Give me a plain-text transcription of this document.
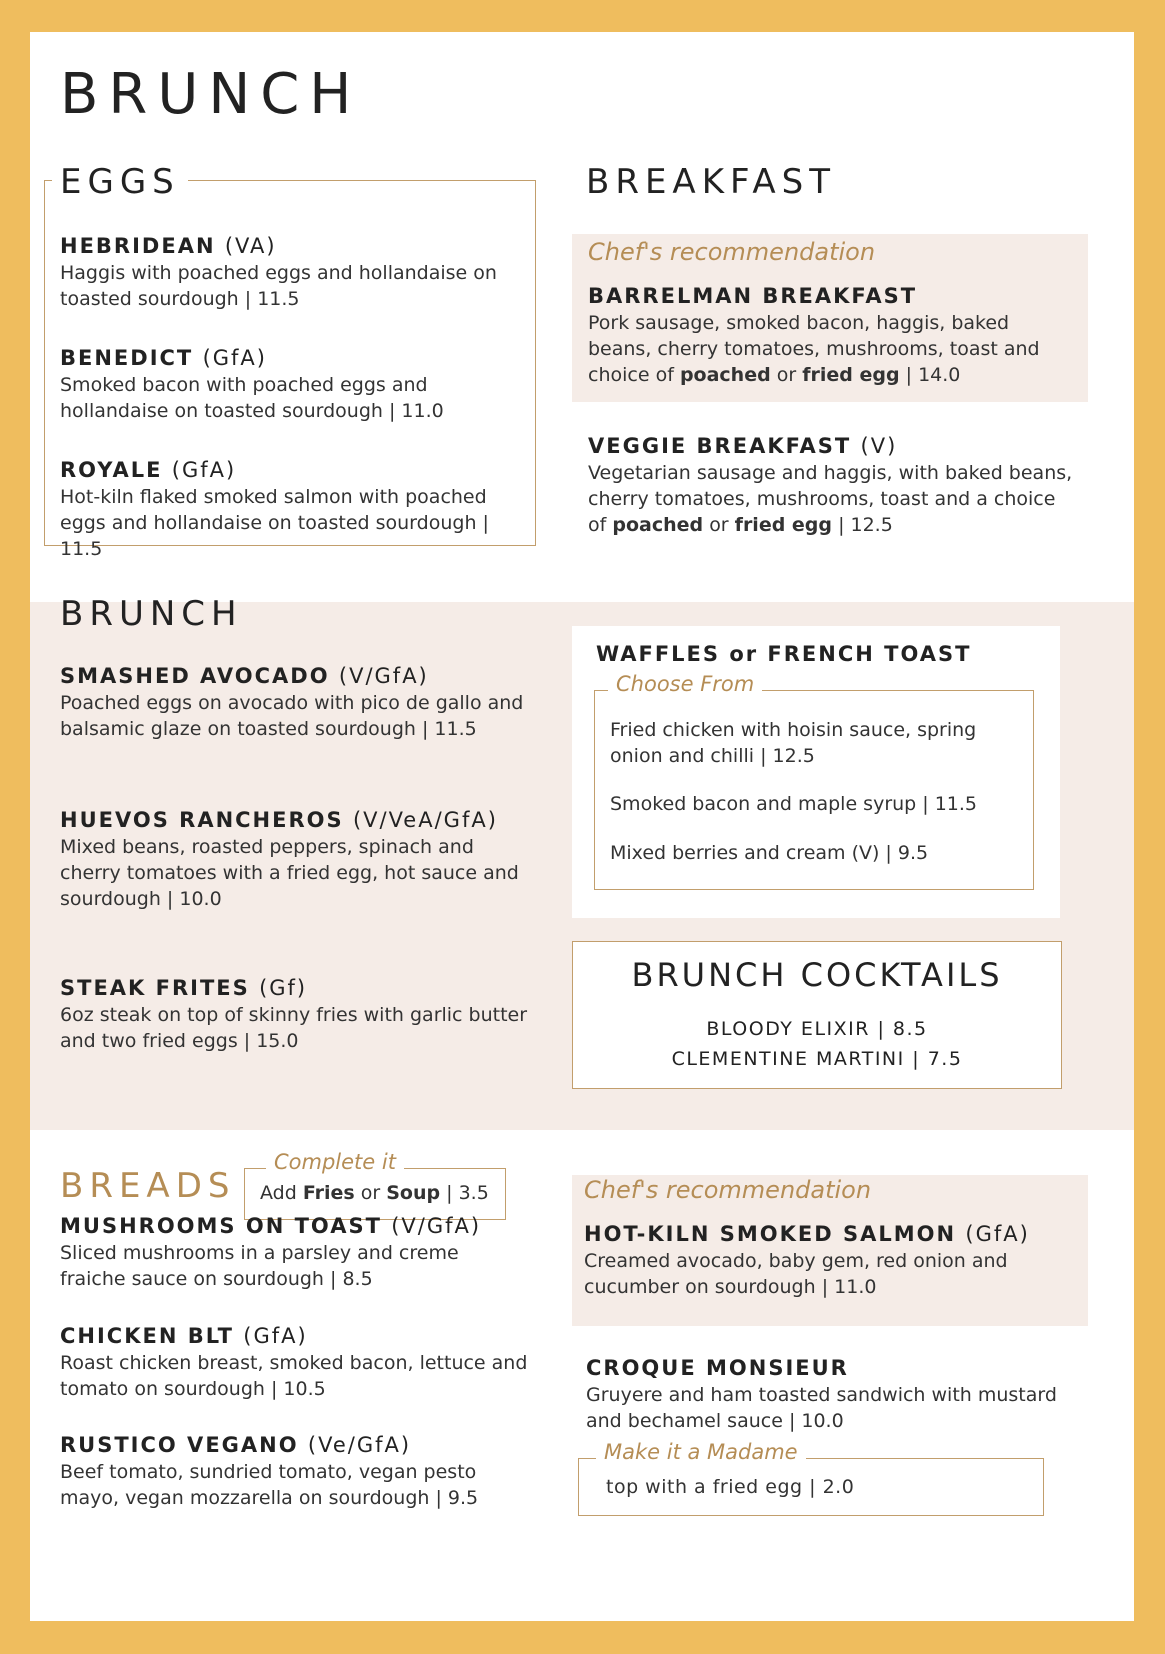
BRUNCH
EGGS
HEBRIDEAN (VA)
Haggis with poached eggs and hollandaise on toasted sourdough | 11.5
BENEDICT (GfA)
Smoked bacon with poached eggs and hollandaise on toasted sourdough | 11.0
ROYALE (GfA)
Hot-kiln flaked smoked salmon with poached eggs and hollandaise on toasted sourdough | 11.5
BREAKFAST
Chef's recommendation
BARRELMAN BREAKFAST
Pork sausage, smoked bacon, haggis, baked beans, cherry tomatoes, mushrooms, toast and choice of poached or fried egg | 14.0
VEGGIE BREAKFAST (V)
Vegetarian sausage and haggis, with baked beans, cherry tomatoes, mushrooms, toast and a choice of poached or fried egg | 12.5
BRUNCH
SMASHED AVOCADO (V/GfA)
Poached eggs on avocado with pico de gallo and balsamic glaze on toasted sourdough | 11.5
HUEVOS RANCHEROS (V/VeA/GfA)
Mixed beans, roasted peppers, spinach and cherry tomatoes with a fried egg, hot sauce and sourdough | 10.0
STEAK FRITES (Gf)
6oz steak on top of skinny fries with garlic butter and two fried eggs | 15.0
WAFFLES or FRENCH TOAST
Choose From
Fried chicken with hoisin sauce, spring onion and chilli | 12.5
Smoked bacon and maple syrup | 11.5
Mixed berries and cream (V) | 9.5
BRUNCH COCKTAILS
BLOODY ELIXIR | 8.5
CLEMENTINE MARTINI | 7.5
BREADS
Complete it
Add Fries or Soup | 3.5
MUSHROOMS ON TOAST (V/GfA)
Sliced mushrooms in a parsley and creme fraiche sauce on sourdough | 8.5
CHICKEN BLT (GfA)
Roast chicken breast, smoked bacon, lettuce and tomato on sourdough | 10.5
RUSTICO VEGANO (Ve/GfA)
Beef tomato, sundried tomato, vegan pesto mayo, vegan mozzarella on sourdough | 9.5
Chef's recommendation
HOT-KILN SMOKED SALMON (GfA)
Creamed avocado, baby gem, red onion and cucumber on sourdough | 11.0
CROQUE MONSIEUR
Gruyere and ham toasted sandwich with mustard and bechamel sauce | 10.0
Make it a Madame
top with a fried egg | 2.0
